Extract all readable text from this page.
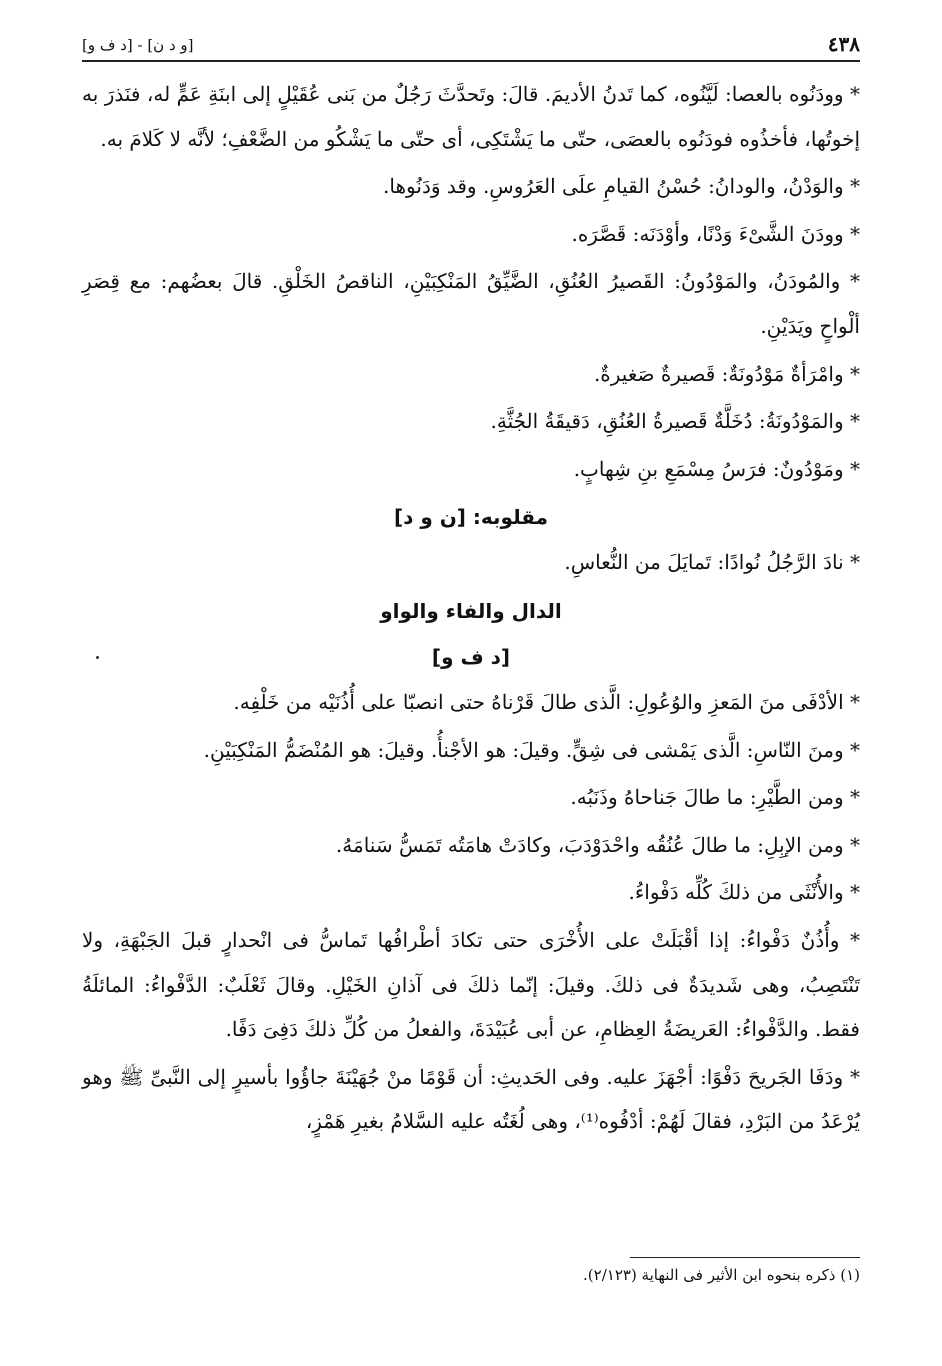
٤٣٨
[و د ن] - [د ف و]

* وودَنُوه بالعصا: لَيَّنُوه، كما تَدنُ الأديمَ. قالَ: وتَحدَّثَ رَجُلٌ من بَنى عُقَيْلٍ إلى ابنَةِ عَمٍّ له، فنَذرَ به إخوتُها، فأخذُوه فودَنُوه بالعصَى، حتّى ما يَشْتَكِى، أى حتّى ما يَشْكُو من الضَّعْفِ؛ لأنَّه لا كَلامَ به.

* والوَدْنُ، والودانُ: حُسْنُ القيامِ علَى العَرُوسِ. وقد وَدَنُوها.

* وودَنَ الشَّىْءَ وَدْنًا، وأوْدَنَه: قَصَّرَه.

* والمُودَنُ، والمَوْدُونُ: القَصيرُ العُنُقِ، الضَّيِّقُ المَنْكِبَيْنِ، الناقصُ الخَلْقِ. قالَ بعضُهم: مع قِصَرِ ألْواحٍ ويَدَيْنِ.

* وامْرَأةٌ مَوْدُونَةٌ: قَصيرةٌ صَغيرةٌ.

* والمَوْدُونَةُ: دُخَلَّةٌ قَصيرةُ العُنُقِ، دَقيقَةُ الجُثَّةِ.

* ومَوْدُونٌ: فرَسُ مِسْمَعِ بنِ شِهابٍ.

مقلوبه: [ن و د]

* نادَ الرَّجُلُ نُوادًا: تَمايَلَ من النُّعاسِ.

الدال والفاء والواو
[د ف و]

* الأدْفَى منَ المَعزِ والوُعُولِ: الَّذى طالَ قَرْناهُ حتى انصبّا على أُذُنَيْه من خَلْفِه.

* ومنَ النّاسِ: الَّذى يَمْشى فى شِقٍّ. وقيلَ: هو الأجْنأُ. وقيلَ: هو المُنْضَمُّ المَنْكِبَيْنِ.

* ومن الطَّيْرِ: ما طالَ جَناحاهُ وذَنَبُه.

* ومن الإبِلِ: ما طالَ عُنُقُه واحْدَوْدَبَ، وكادَتْ هامَتُه تَمَسُّ سَنامَهُ.

* والأُنْثَى من ذلكَ كُلِّه دَفْواءُ.

* وأُذُنٌ دَفْواءُ: إذا أقْبَلَتْ على الأُخْرَى حتى تكادَ أطْرافُها تَماسُّ فى انْحدارٍ قبلَ الجَبْهَةِ، ولا تَنْتَصِبُ، وهى شَديدَةٌ فى ذلكَ. وقيلَ: إنّما ذلكَ فى آذانِ الخَيْلِ. وقالَ ثَعْلَبٌ: الدَّفْواءُ: المائلَةُ فقط. والدَّفْواءُ: العَريضَةُ العِظامِ، عن أبى عُبَيْدَةَ، والفعلُ من كُلِّ ذلكَ دَفِىَ دَفًا.

* ودَفَا الجَريحَ دَفْوًا: أجْهَزَ عليه. وفى الحَديثِ: أن قَوْمًا منْ جُهَيْنَةَ جاؤُوا بأسيرٍ إلى النَّبىِّ ﷺ وهو يُرْعَدُ من البَرْدِ، فقالَ لَهُمْ: أدْفُوه⁽¹⁾، وهى لُغَتُه عليه السَّلامُ بغيرِ هَمْزٍ،

(١) ذكره بنحوه ابن الأثير فى النهاية (٢/١٢٣).
